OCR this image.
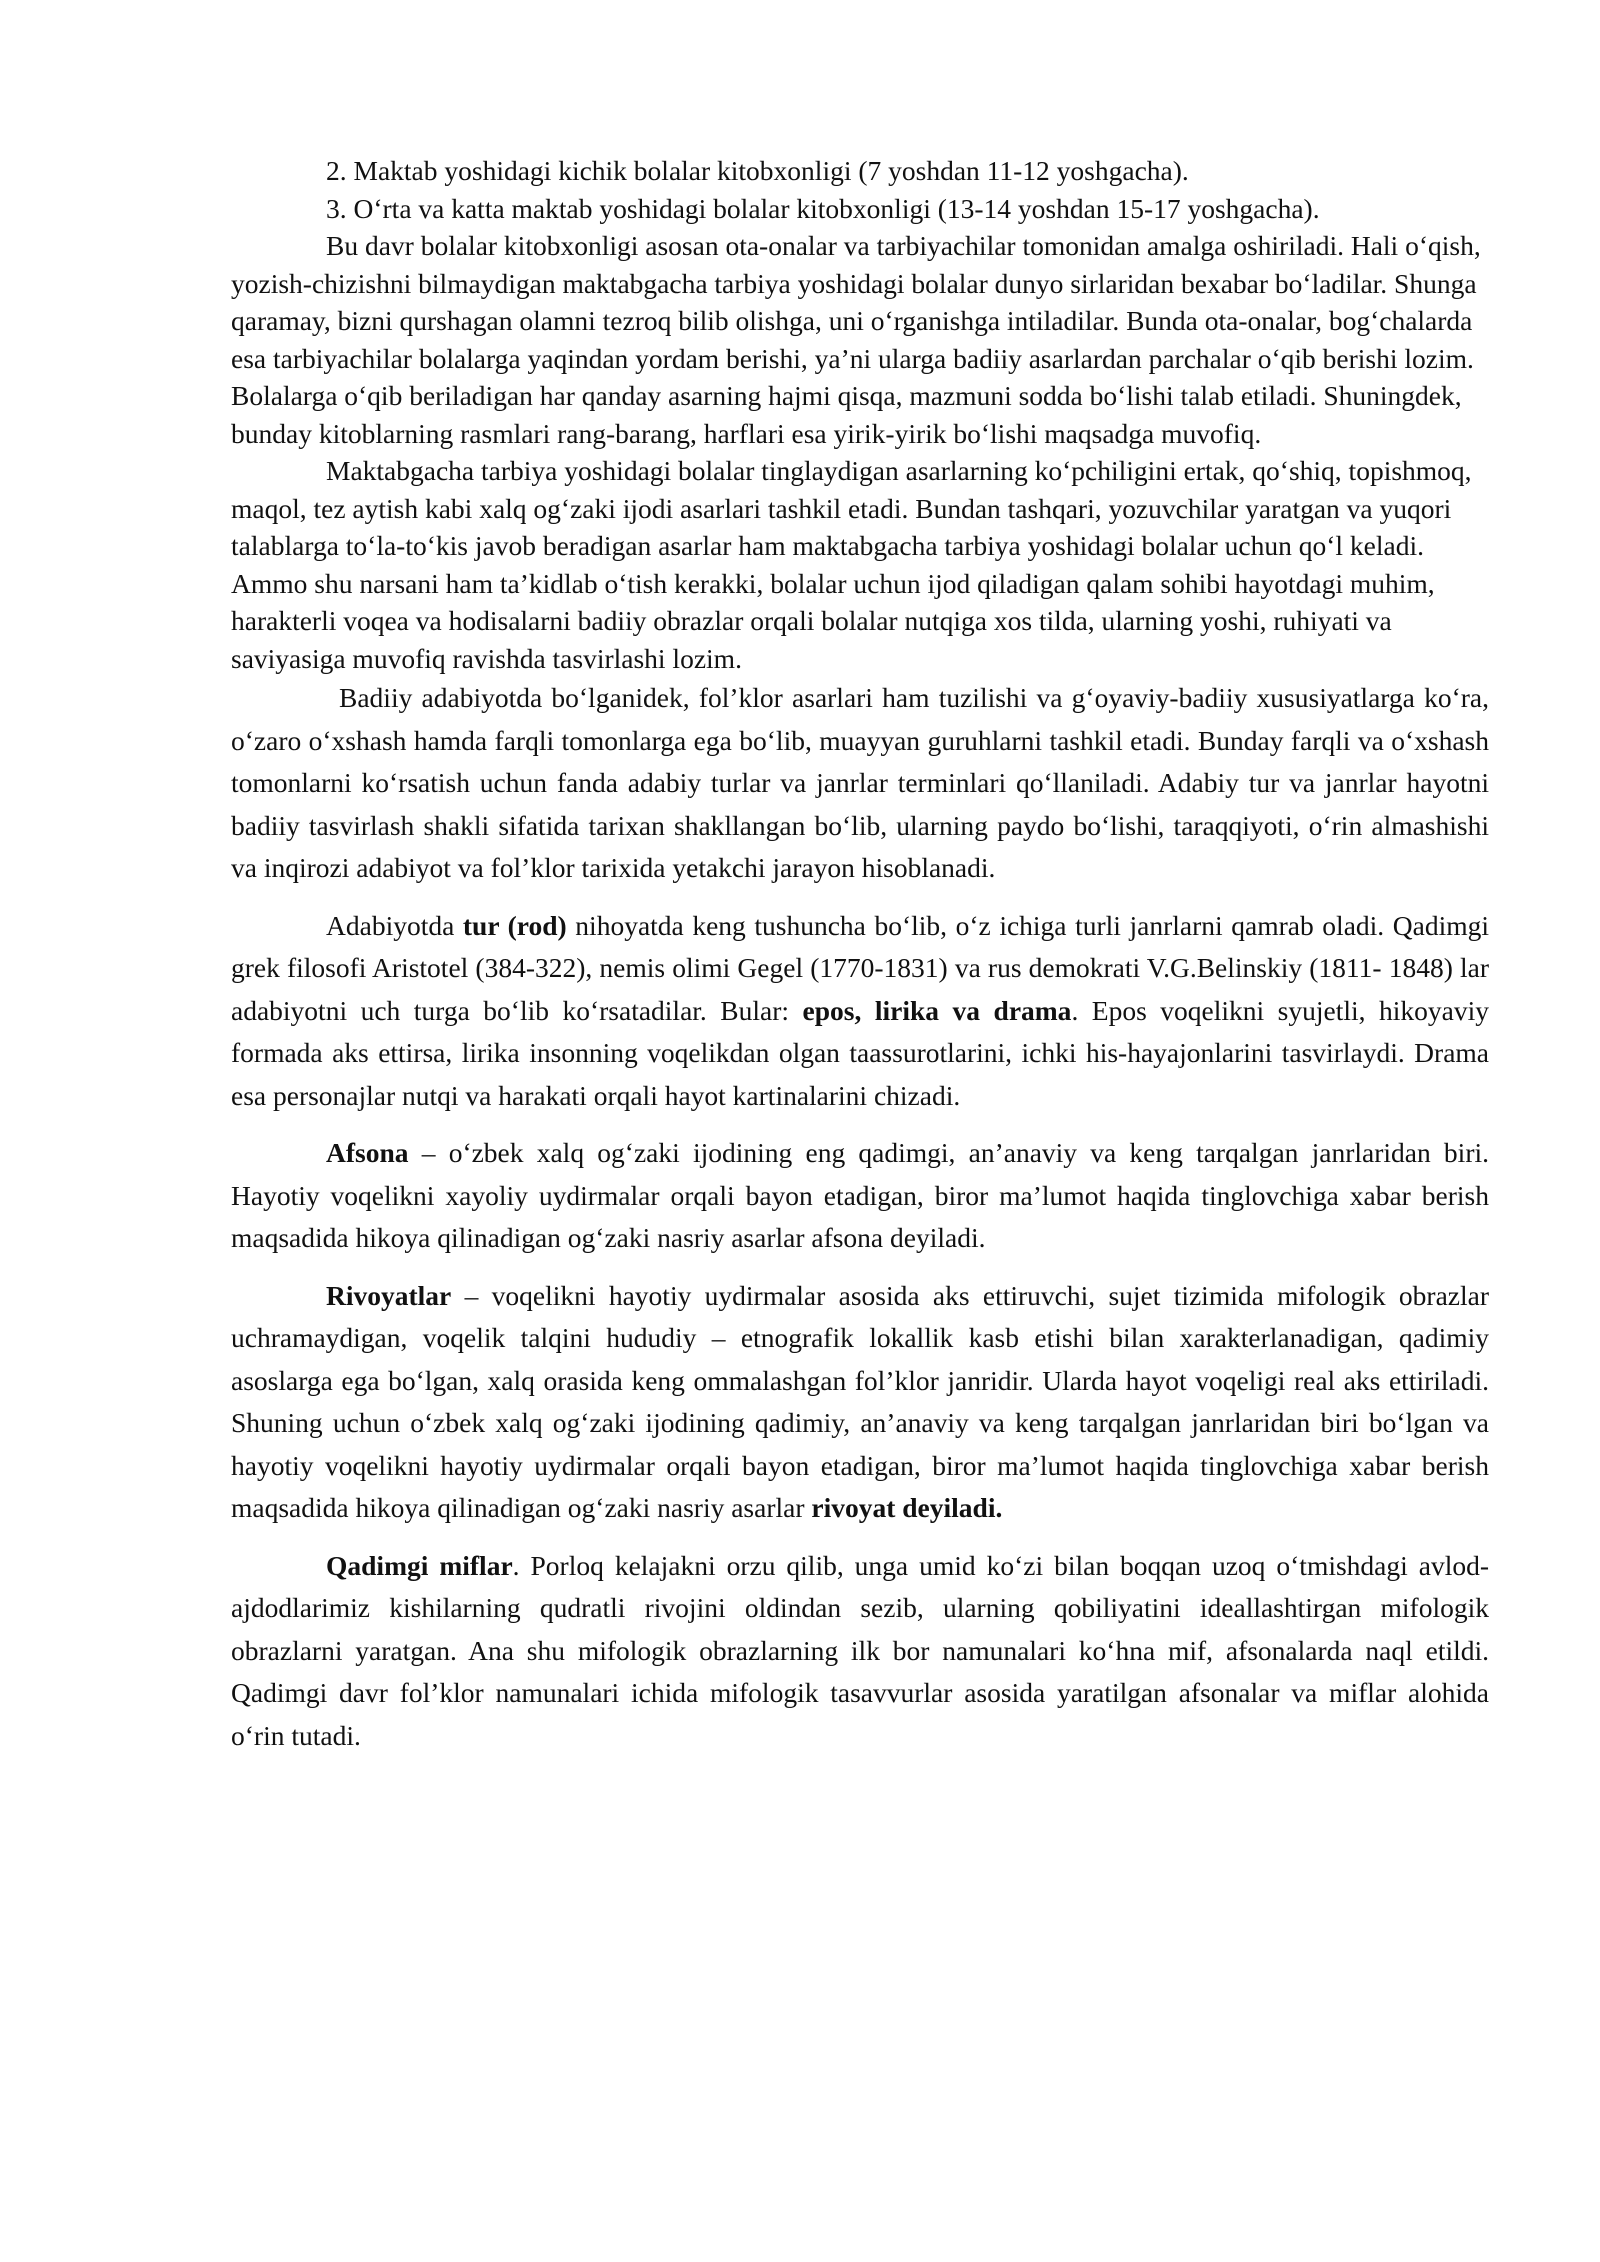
2. Maktab yoshidagi kichik bolalar kitobxonligi (7 yoshdan 11-12 yoshgacha).

3. O‘rta va katta maktab yoshidagi bolalar kitobxonligi (13-14 yoshdan 15-17 yoshgacha).

Bu davr bolalar kitobxonligi asosan ota-onalar va tarbiyachilar tomonidan amalga oshiriladi. Hali o‘qish, yozish-chizishni bilmaydigan maktabgacha tarbiya yoshidagi bolalar dunyo sirlaridan bexabar bo‘ladilar. Shunga qaramay, bizni qurshagan olamni tezroq bilib olishga, uni o‘rganishga intiladilar. Bunda ota-onalar, bog‘chalarda esa tarbiyachilar bolalarga yaqindan yordam berishi, ya’ni ularga badiiy asarlardan parchalar o‘qib berishi lozim. Bolalarga o‘qib beriladigan har qanday asarning hajmi qisqa, mazmuni sodda bo‘lishi talab etiladi. Shuningdek, bunday kitoblarning rasmlari rang-barang, harflari esa yirik-yirik bo‘lishi maqsadga muvofiq.

Maktabgacha tarbiya yoshidagi bolalar tinglaydigan asarlarning ko‘pchiligini ertak, qo‘shiq, topishmoq, maqol, tez aytish kabi xalq og‘zaki ijodi asarlari tashkil etadi. Bundan tashqari, yozuvchilar yaratgan va yuqori talablarga to‘la-to‘kis javob beradigan asarlar ham maktabgacha tarbiya yoshidagi bolalar uchun qo‘l keladi. Ammo shu narsani ham ta’kidlab o‘tish kerakki, bolalar uchun ijod qiladigan qalam sohibi hayotdagi muhim, harakterli voqea va hodisalarni badiiy obrazlar orqali bolalar nutqiga xos tilda, ularning yoshi, ruhiyati va saviyasiga muvofiq ravishda tasvirlashi lozim.

Badiiy adabiyotda bo‘lganidek, fol’klor asarlari ham tuzilishi va g‘oyaviy-badiiy xususiyatlarga ko‘ra, o‘zaro o‘xshash hamda farqli tomonlarga ega bo‘lib, muayyan guruhlarni tashkil etadi. Bunday farqli va o‘xshash tomonlarni ko‘rsatish uchun fanda adabiy turlar va janrlar terminlari qo‘llaniladi. Adabiy tur va janrlar hayotni badiiy tasvirlash shakli sifatida tarixan shakllangan bo‘lib, ularning paydo bo‘lishi, taraqqiyoti, o‘rin almashishi va inqirozi adabiyot va fol’klor tarixida yetakchi jarayon hisoblanadi.

Adabiyotda tur (rod) nihoyatda keng tushuncha bo‘lib, o‘z ichiga turli janrlarni qamrab oladi. Qadimgi grek filosofi Aristotel (384-322), nemis olimi Gegel (1770-1831) va rus demokrati V.G.Belinskiy (1811- 1848) lar adabiyotni uch turga bo‘lib ko‘rsatadilar. Bular: epos, lirika va drama. Epos voqelikni syujetli, hikoyaviy formada aks ettirsa, lirika insonning voqelikdan olgan taassurotlarini, ichki his-hayajonlarini tasvirlaydi. Drama esa personajlar nutqi va harakati orqali hayot kartinalarini chizadi.

Afsona – o‘zbek xalq og‘zaki ijodining eng qadimgi, an’anaviy va keng tarqalgan janrlaridan biri. Hayotiy voqelikni xayoliy uydirmalar orqali bayon etadigan, biror ma’lumot haqida tinglovchiga xabar berish maqsadida hikoya qilinadigan og‘zaki nasriy asarlar afsona deyiladi.

Rivoyatlar – voqelikni hayotiy uydirmalar asosida aks ettiruvchi, sujet tizimida mifologik obrazlar uchramaydigan, voqelik talqini hududiy – etnografik lokallik kasb etishi bilan xarakterlanadigan, qadimiy asoslarga ega bo‘lgan, xalq orasida keng ommalashgan fol’klor janridir. Ularda hayot voqeligi real aks ettiriladi. Shuning uchun o‘zbek xalq og‘zaki ijodining qadimiy, an’anaviy va keng tarqalgan janrlaridan biri bo‘lgan va hayotiy voqelikni hayotiy uydirmalar orqali bayon etadigan, biror ma’lumot haqida tinglovchiga xabar berish maqsadida hikoya qilinadigan og‘zaki nasriy asarlar rivoyat deyiladi.

Qadimgi miflar. Porloq kelajakni orzu qilib, unga umid ko‘zi bilan boqqan uzoq o‘tmishdagi avlod-ajdodlarimiz kishilarning qudratli rivojini oldindan sezib, ularning qobiliyatini ideallashtirgan mifologik obrazlarni yaratgan. Ana shu mifologik obrazlarning ilk bor namunalari ko‘hna mif, afsonalarda naql etildi. Qadimgi davr fol’klor namunalari ichida mifologik tasavvurlar asosida yaratilgan afsonalar va miflar alohida o‘rin tutadi.
